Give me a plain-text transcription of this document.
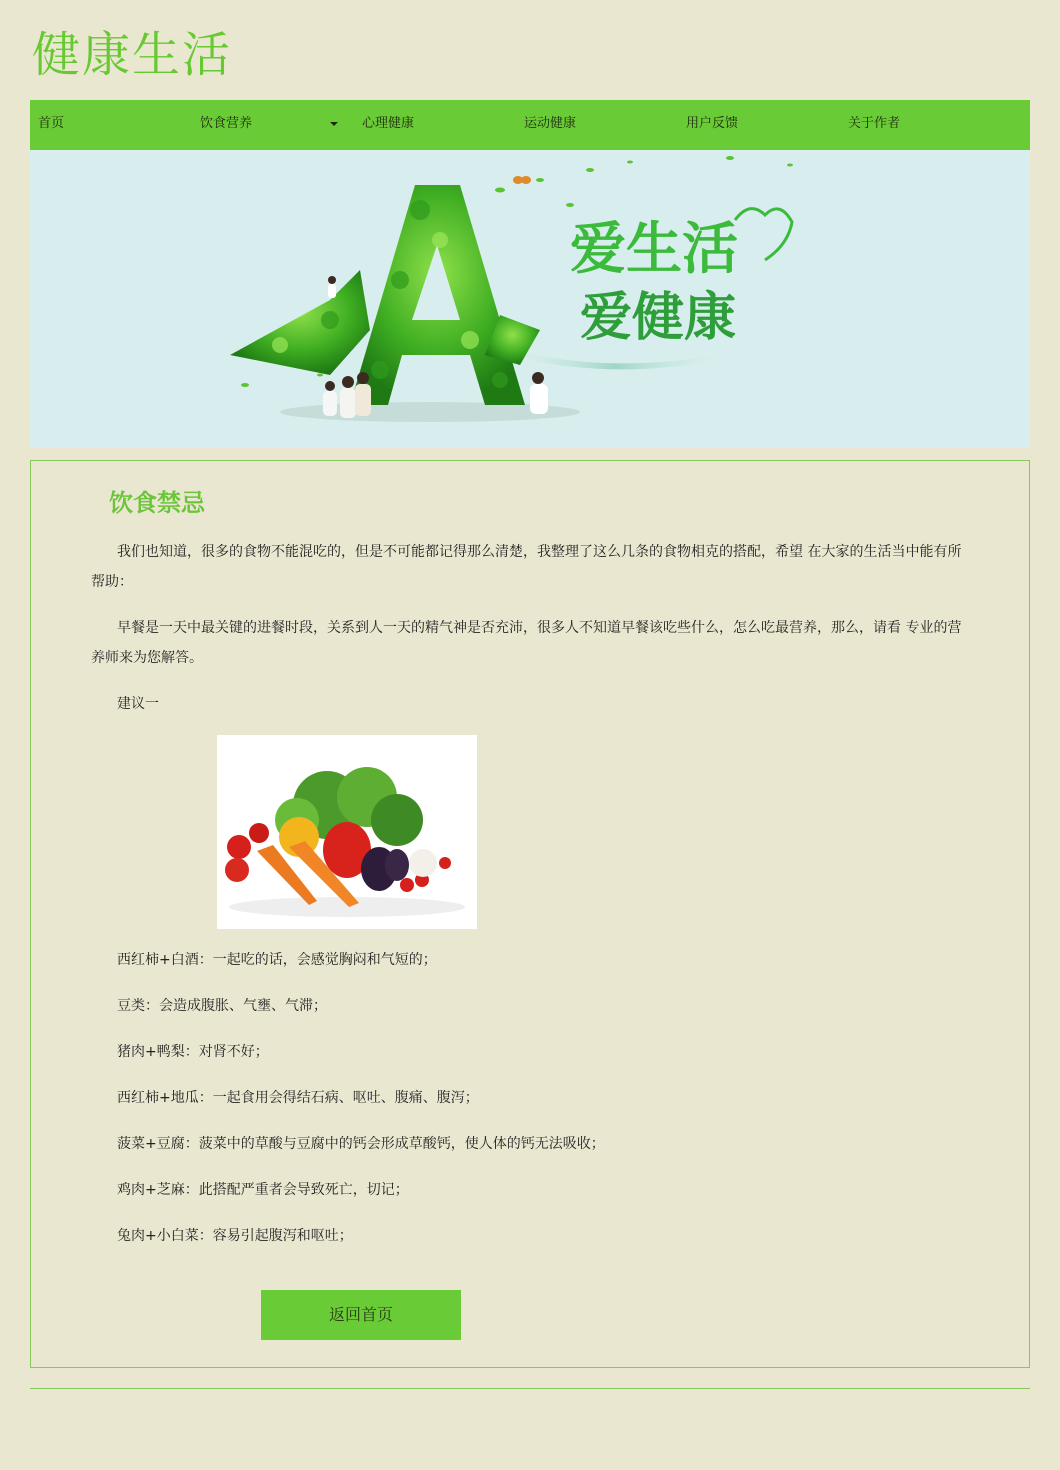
健康生活
首页	饮食营养	心理健康	运动健康	用户反馈	关于作者
爱生活
爱健康
饮食禁忌

我们也知道，很多的食物不能混吃的，但是不可能都记得那么清楚，我整理了这么几条的食物相克的搭配，希望 在大家的生活当中能有所帮助：

早餐是一天中最关键的进餐时段，关系到人一天的精气神是否充沛，很多人不知道早餐该吃些什么，怎么吃最营养，那么，请看 专业的营养师来为您解答。

建议一

西红柿+白酒：一起吃的话，会感觉胸闷和气短的；
豆类：会造成腹胀、气壅、气滞；
猪肉+鸭梨：对肾不好；
西红柿+地瓜：一起食用会得结石病、呕吐、腹痛、腹泻；
菠菜+豆腐：菠菜中的草酸与豆腐中的钙会形成草酸钙，使人体的钙无法吸收；
鸡肉+芝麻：此搭配严重者会导致死亡，切记；
兔肉+小白菜：容易引起腹泻和呕吐；
返回首页
